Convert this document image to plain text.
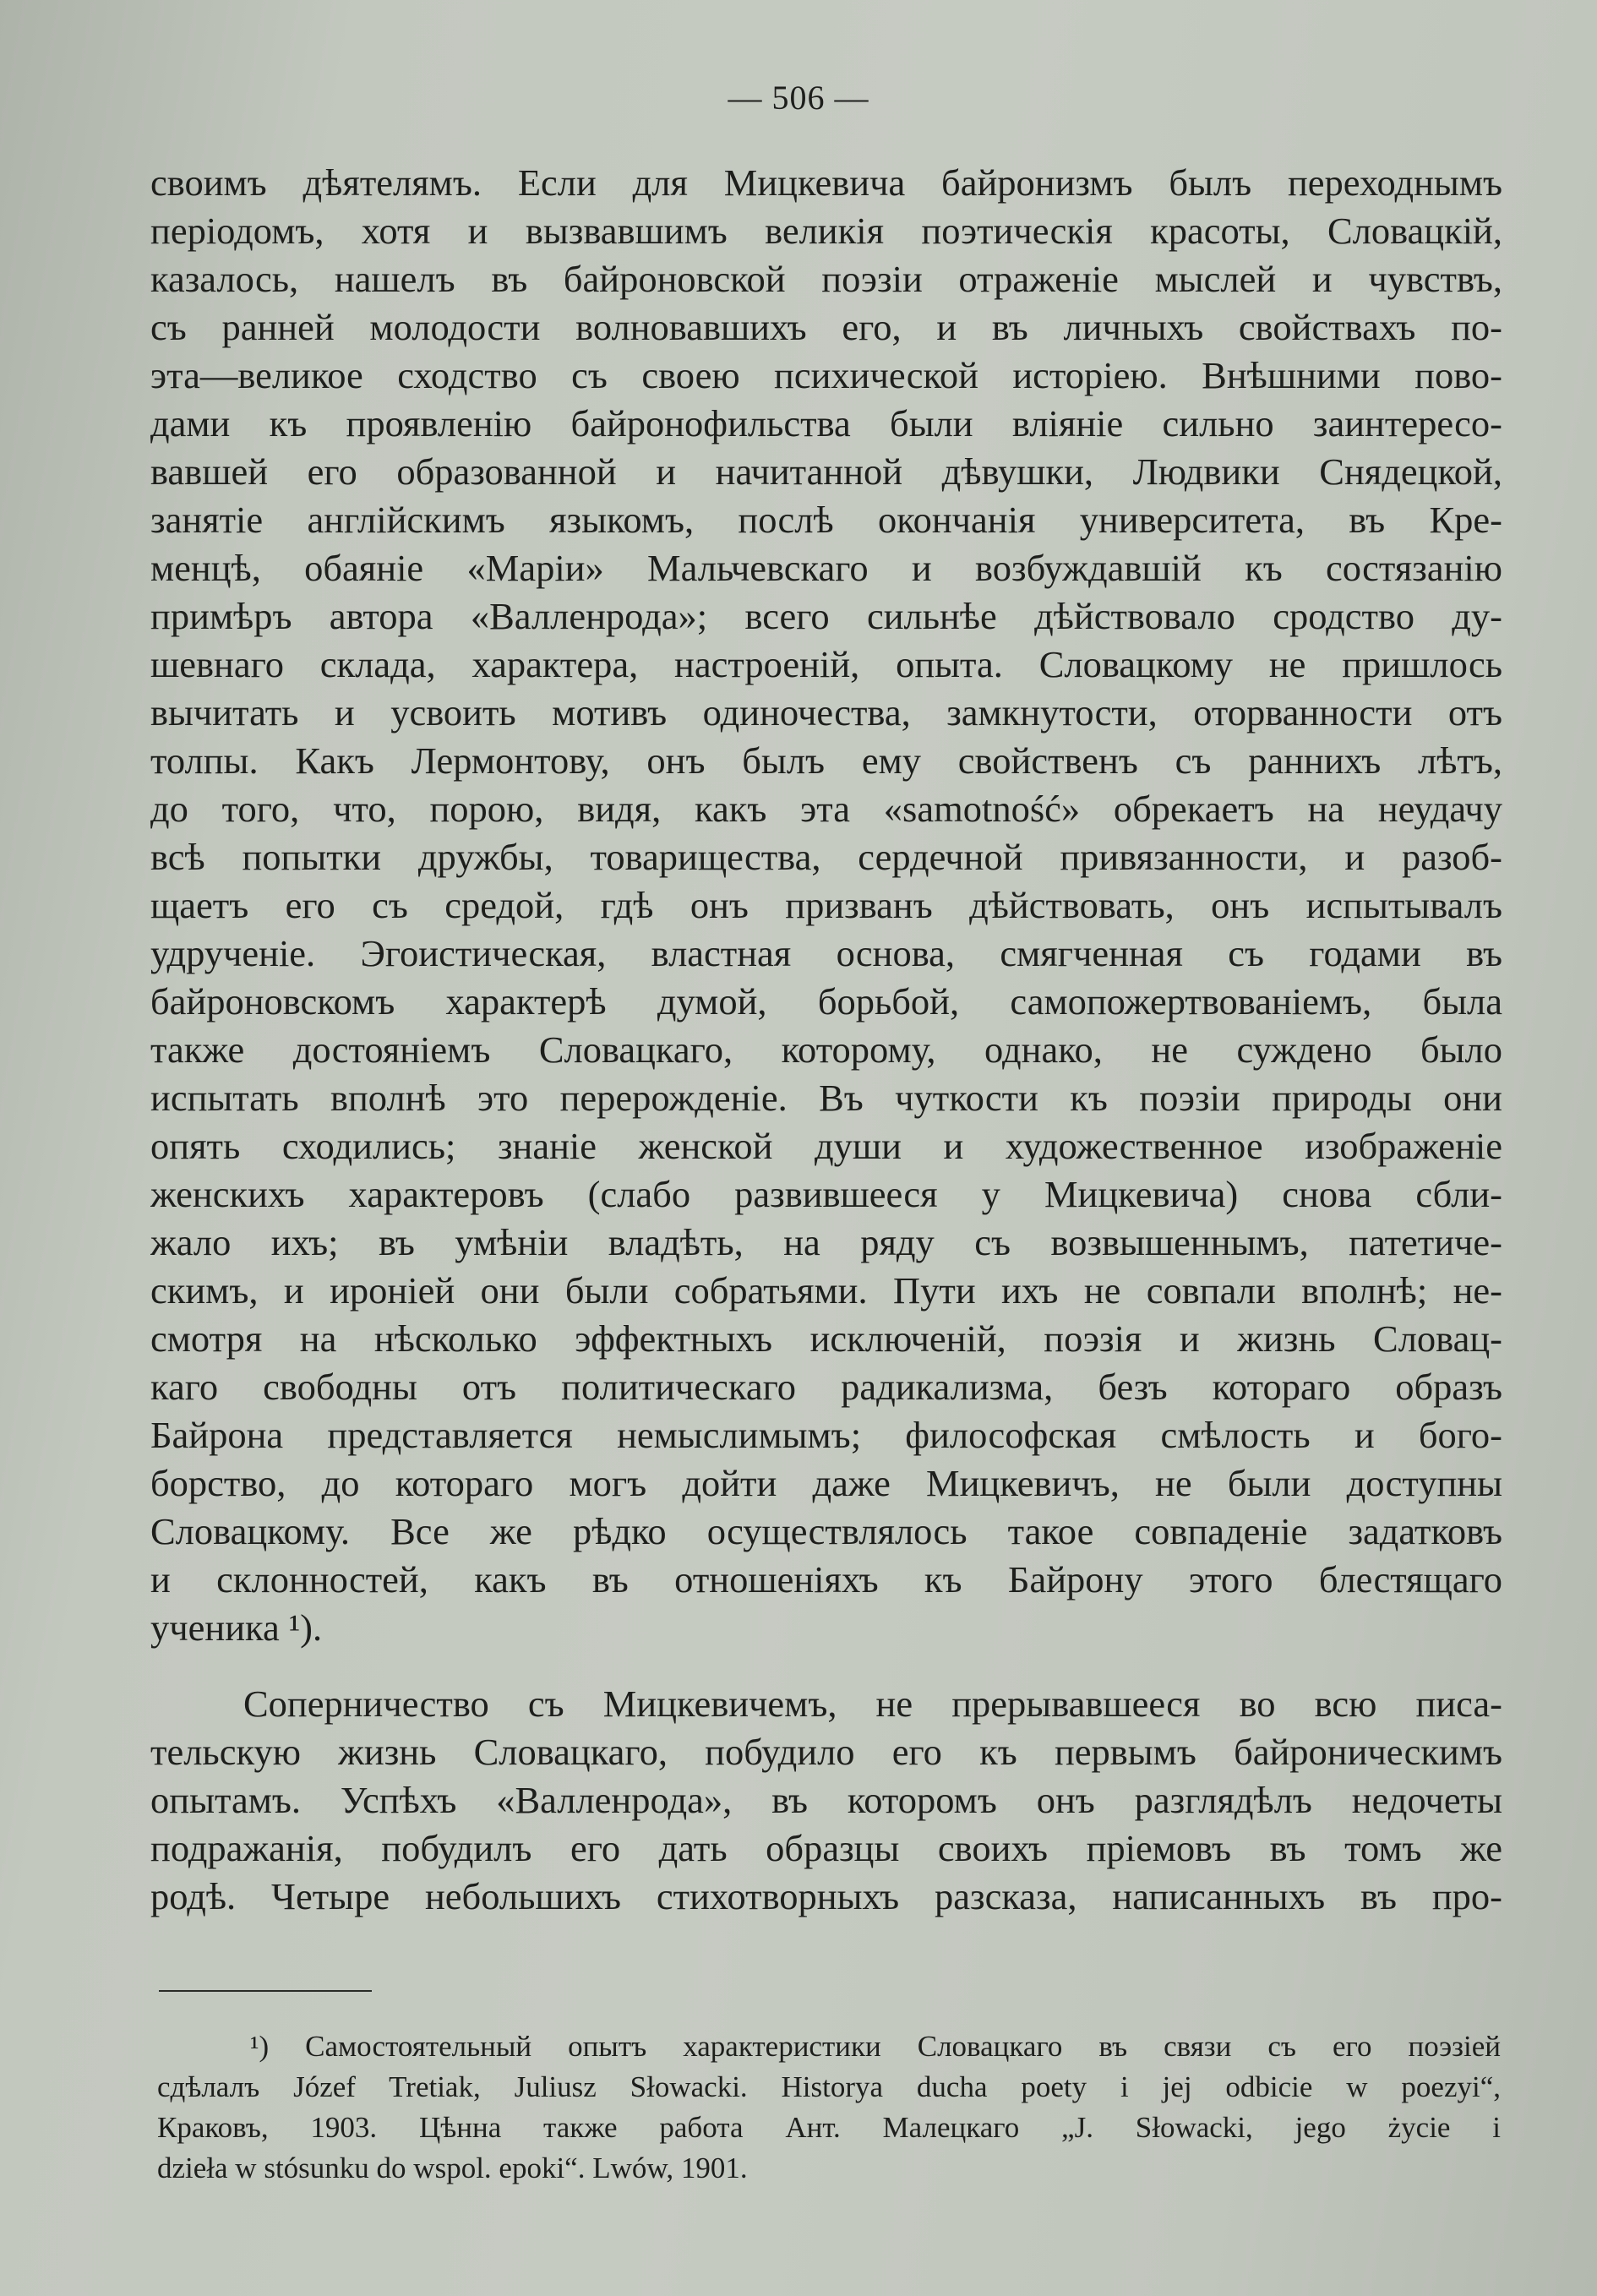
— 506 —
своимъ дѣятелямъ. Если для Мицкевича байронизмъ былъ переходнымъ
періодомъ, хотя и вызвавшимъ великія поэтическія красоты, Словацкій,
казалось, нашелъ въ байроновской поэзіи отраженіе мыслей и чувствъ,
съ ранней молодости волновавшихъ его, и въ личныхъ свойствахъ по-
эта—великое сходство съ своею психической исторіею. Внѣшними пово-
дами къ проявленію байронофильства были вліяніе сильно заинтересо-
вавшей его образованной и начитанной дѣвушки, Людвики Снядецкой,
занятіе англійскимъ языкомъ, послѣ окончанія университета, въ Кре-
менцѣ, обаяніе «Маріи» Мальчевскаго и возбуждавшій къ состязанію
примѣръ автора «Валленрода»; всего сильнѣе дѣйствовало сродство ду-
шевнаго склада, характера, настроеній, опыта. Словацкому не пришлось
вычитать и усвоить мотивъ одиночества, замкнутости, оторванности отъ
толпы. Какъ Лермонтову, онъ былъ ему свойственъ съ раннихъ лѣтъ,
до того, что, порою, видя, какъ эта «samotność» обрекаетъ на неудачу
всѣ попытки дружбы, товарищества, сердечной привязанности, и разоб-
щаетъ его съ средой, гдѣ онъ призванъ дѣйствовать, онъ испытывалъ
удрученіе. Эгоистическая, властная основа, смягченная съ годами въ
байроновскомъ характерѣ думой, борьбой, самопожертвованіемъ, была
также достояніемъ Словацкаго, которому, однако, не суждено было
испытать вполнѣ это перерожденіе. Въ чуткости къ поэзіи природы они
опять сходились; знаніе женской души и художественное изображеніе
женскихъ характеровъ (слабо развившееся у Мицкевича) снова сбли-
жало ихъ; въ умѣніи владѣть, на ряду съ возвышеннымъ, патетиче-
скимъ, и ироніей они были собратьями. Пути ихъ не совпали вполнѣ; не-
смотря на нѣсколько эффектныхъ исключеній, поэзія и жизнь Словац-
каго свободны отъ политическаго радикализма, безъ котораго образъ
Байрона представляется немыслимымъ; философская смѣлость и бого-
борство, до котораго могъ дойти даже Мицкевичъ, не были доступны
Словацкому. Все же рѣдко осуществлялось такое совпаденіе задатковъ
и склонностей, какъ въ отношеніяхъ къ Байрону этого блестящаго
ученика ¹).
Соперничество съ Мицкевичемъ, не прерывавшееся во всю писа-
тельскую жизнь Словацкаго, побудило его къ первымъ байроническимъ
опытамъ. Успѣхъ «Валленрода», въ которомъ онъ разглядѣлъ недочеты
подражанія, побудилъ его дать образцы своихъ пріемовъ въ томъ же
родѣ. Четыре небольшихъ стихотворныхъ разсказа, написанныхъ въ про-
¹) Самостоятельный опытъ характеристики Словацкаго въ связи съ его поэзіей
сдѣлалъ Józef Tretiak, Juliusz Słowacki. Historya ducha poety i jej odbicie w poezyi“,
Краковъ, 1903. Цѣнна также работа Ант. Малецкаго „J. Słowacki, jego życie i
dzieła w stósunku do wspol. epoki“. Lwów, 1901.
